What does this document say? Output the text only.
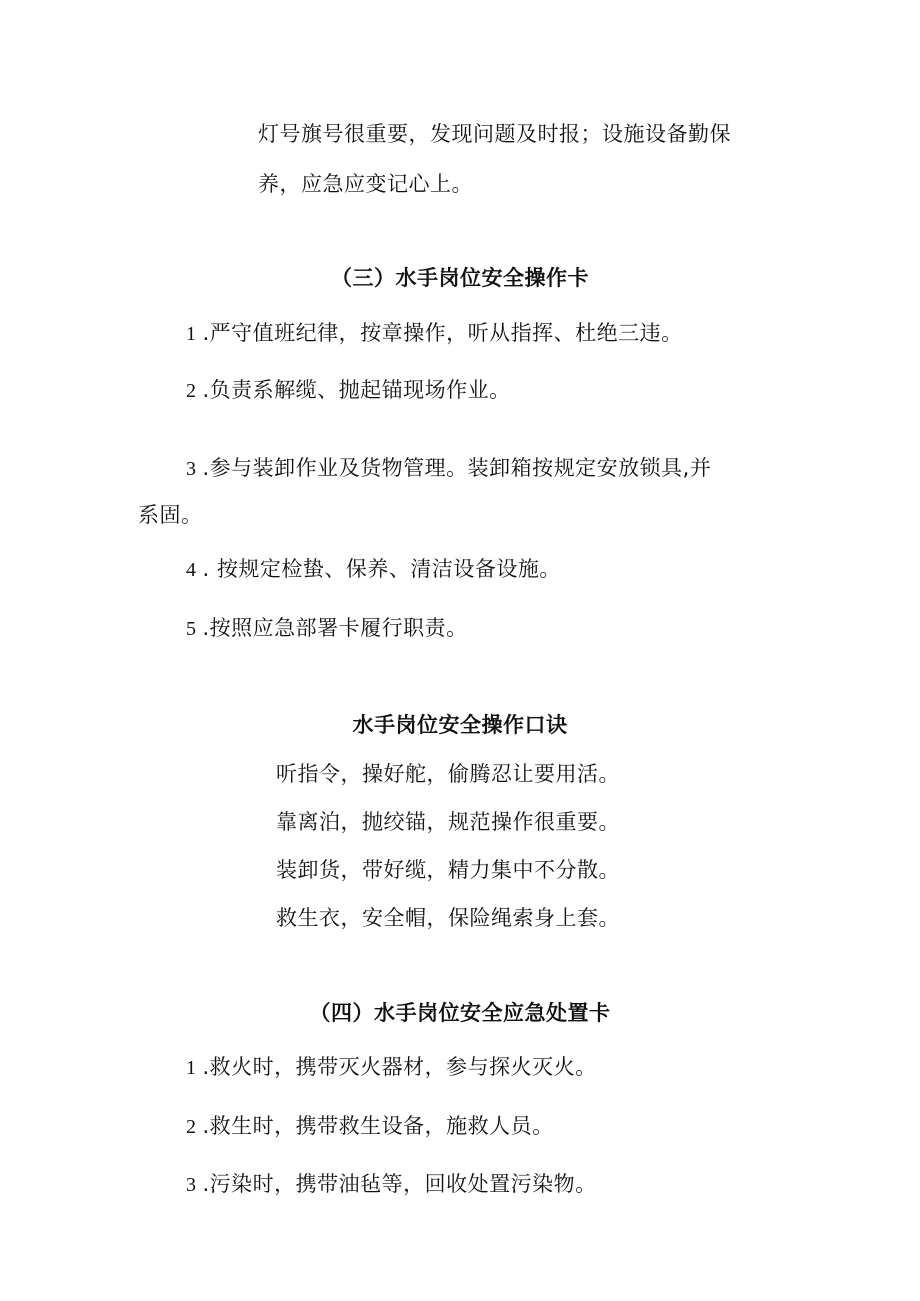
灯号旗号很重要，发现问题及时报；设施设备勤保
养，应急应变记心上。
（三）水手岗位安全操作卡
1 .严守值班纪律，按章操作，听从指挥、杜绝三违。
2 .负责系解缆、抛起锚现场作业。
3 .参与装卸作业及货物管理。装卸箱按规定安放锁具,并
系固。
4 . 按规定检蛰、保养、清洁设备设施。
5 .按照应急部署卡履行职责。
水手岗位安全操作口诀
听指令，操好舵，偷腾忍让要用活。
靠离泊，抛绞锚，规范操作很重要。
装卸货，带好缆，精力集中不分散。
救生衣，安全帽，保险绳索身上套。
（四）水手岗位安全应急处置卡
1 .救火时，携带灭火器材，参与探火灭火。
2 .救生时，携带救生设备，施救人员。
3 .污染时，携带油毡等，回收处置污染物。
